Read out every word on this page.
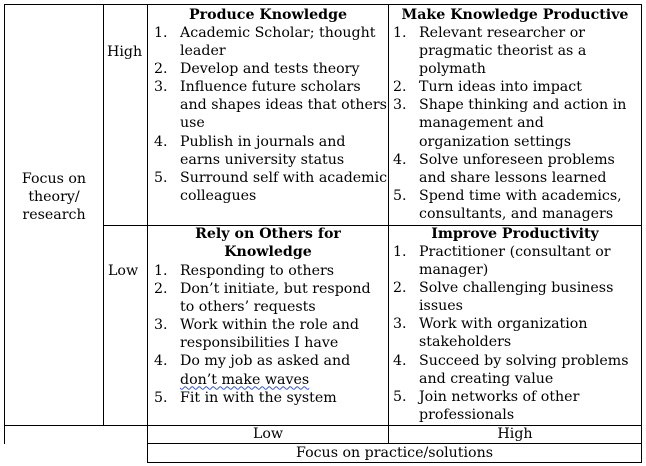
Focus on
theory/
research
High
Low
Produce Knowledge
1. Academic Scholar; thought
leader
2. Develop and tests theory
3. Influence future scholars
and shapes ideas that others
use
4. Publish in journals and
earns university status
5. Surround self with academic
colleagues
Make Knowledge Productive
1. Relevant researcher or
pragmatic theorist as a
polymath
2. Turn ideas into impact
3. Shape thinking and action in
management and
organization settings
4. Solve unforeseen problems
and share lessons learned
5. Spend time with academics,
consultants, and managers
Rely on Others for
Knowledge
1. Responding to others
2. Don’t initiate, but respond
to others’ requests
3. Work within the role and
responsibilities I have
4. Do my job as asked and
don’t make waves
5. Fit in with the system
Improve Productivity
1. Practitioner (consultant or
manager)
2. Solve challenging business
issues
3. Work with organization
stakeholders
4. Succeed by solving problems
and creating value
5. Join networks of other
professionals
Low	High
Focus on practice/solutions
